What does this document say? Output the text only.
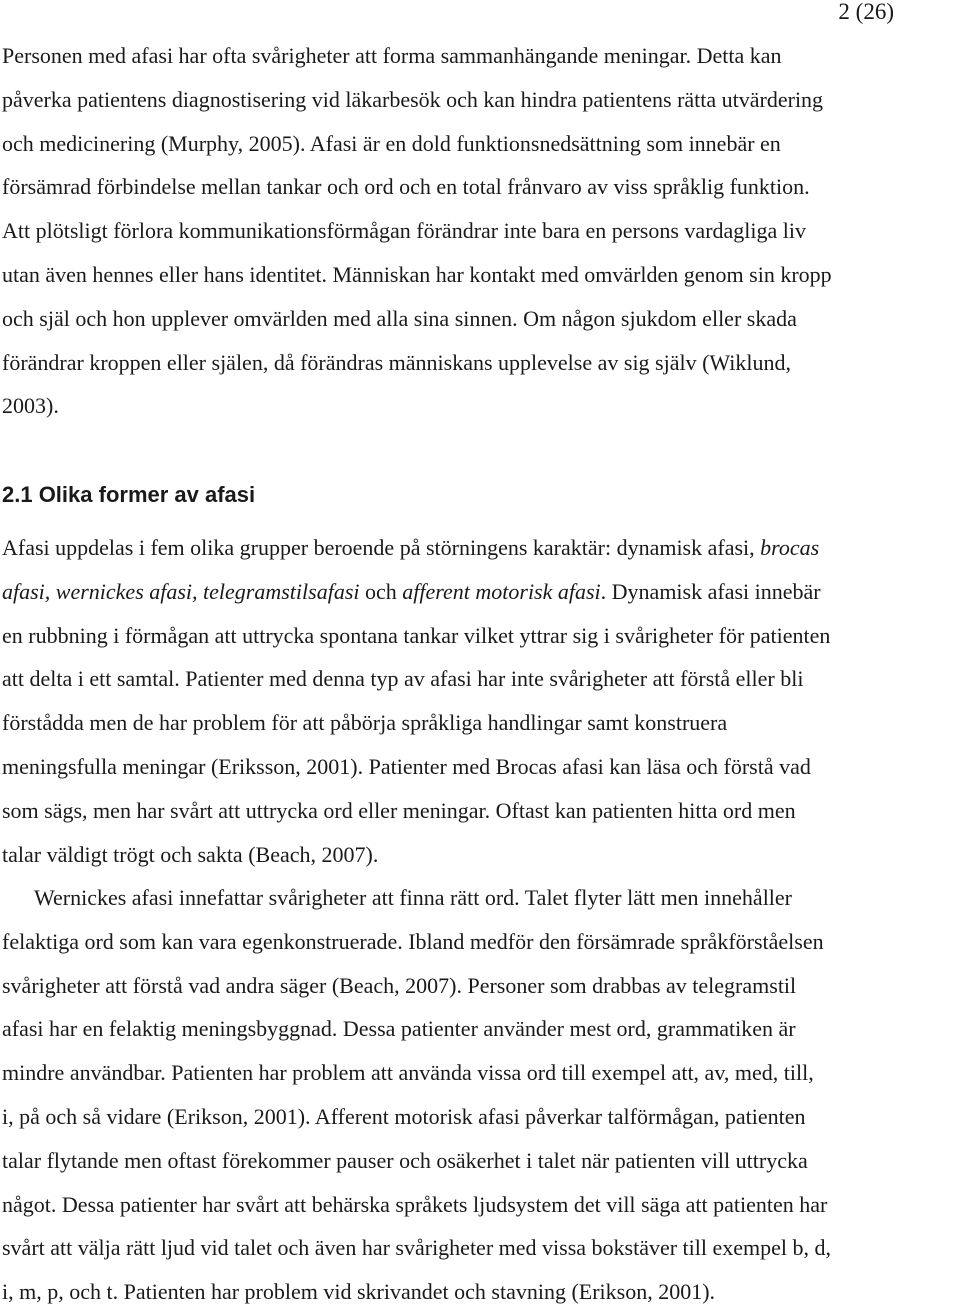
2 (26)
Personen med afasi har ofta svårigheter att forma sammanhängande meningar. Detta kan
påverka patientens diagnostisering vid läkarbesök och kan hindra patientens rätta utvärdering
och medicinering (Murphy, 2005). Afasi är en dold funktionsnedsättning som innebär en
försämrad förbindelse mellan tankar och ord och en total frånvaro av viss språklig funktion.
Att plötsligt förlora kommunikationsförmågan förändrar inte bara en persons vardagliga liv
utan även hennes eller hans identitet. Människan har kontakt med omvärlden genom sin kropp
och själ och hon upplever omvärlden med alla sina sinnen. Om någon sjukdom eller skada
förändrar kroppen eller själen, då förändras människans upplevelse av sig själv (Wiklund,
2003).
2.1 Olika former av afasi
Afasi uppdelas i fem olika grupper beroende på störningens karaktär: dynamisk afasi, brocas
afasi, wernickes afasi, telegramstilsafasi och afferent motorisk afasi. Dynamisk afasi innebär
en rubbning i förmågan att uttrycka spontana tankar vilket yttrar sig i svårigheter för patienten
att delta i ett samtal. Patienter med denna typ av afasi har inte svårigheter att förstå eller bli
förstådda men de har problem för att påbörja språkliga handlingar samt konstruera
meningsfulla meningar (Eriksson, 2001). Patienter med Brocas afasi kan läsa och förstå vad
som sägs, men har svårt att uttrycka ord eller meningar. Oftast kan patienten hitta ord men
talar väldigt trögt och sakta (Beach, 2007).
Wernickes afasi innefattar svårigheter att finna rätt ord. Talet flyter lätt men innehåller
felaktiga ord som kan vara egenkonstruerade. Ibland medför den försämrade språkförståelsen
svårigheter att förstå vad andra säger (Beach, 2007). Personer som drabbas av telegramstil
afasi har en felaktig meningsbyggnad. Dessa patienter använder mest ord, grammatiken är
mindre användbar. Patienten har problem att använda vissa ord till exempel att, av, med, till,
i, på och så vidare (Erikson, 2001). Afferent motorisk afasi påverkar talförmågan, patienten
talar flytande men oftast förekommer pauser och osäkerhet i talet när patienten vill uttrycka
något. Dessa patienter har svårt att behärska språkets ljudsystem det vill säga att patienten har
svårt att välja rätt ljud vid talet och även har svårigheter med vissa bokstäver till exempel b, d,
i, m, p, och t. Patienten har problem vid skrivandet och stavning (Erikson, 2001).
